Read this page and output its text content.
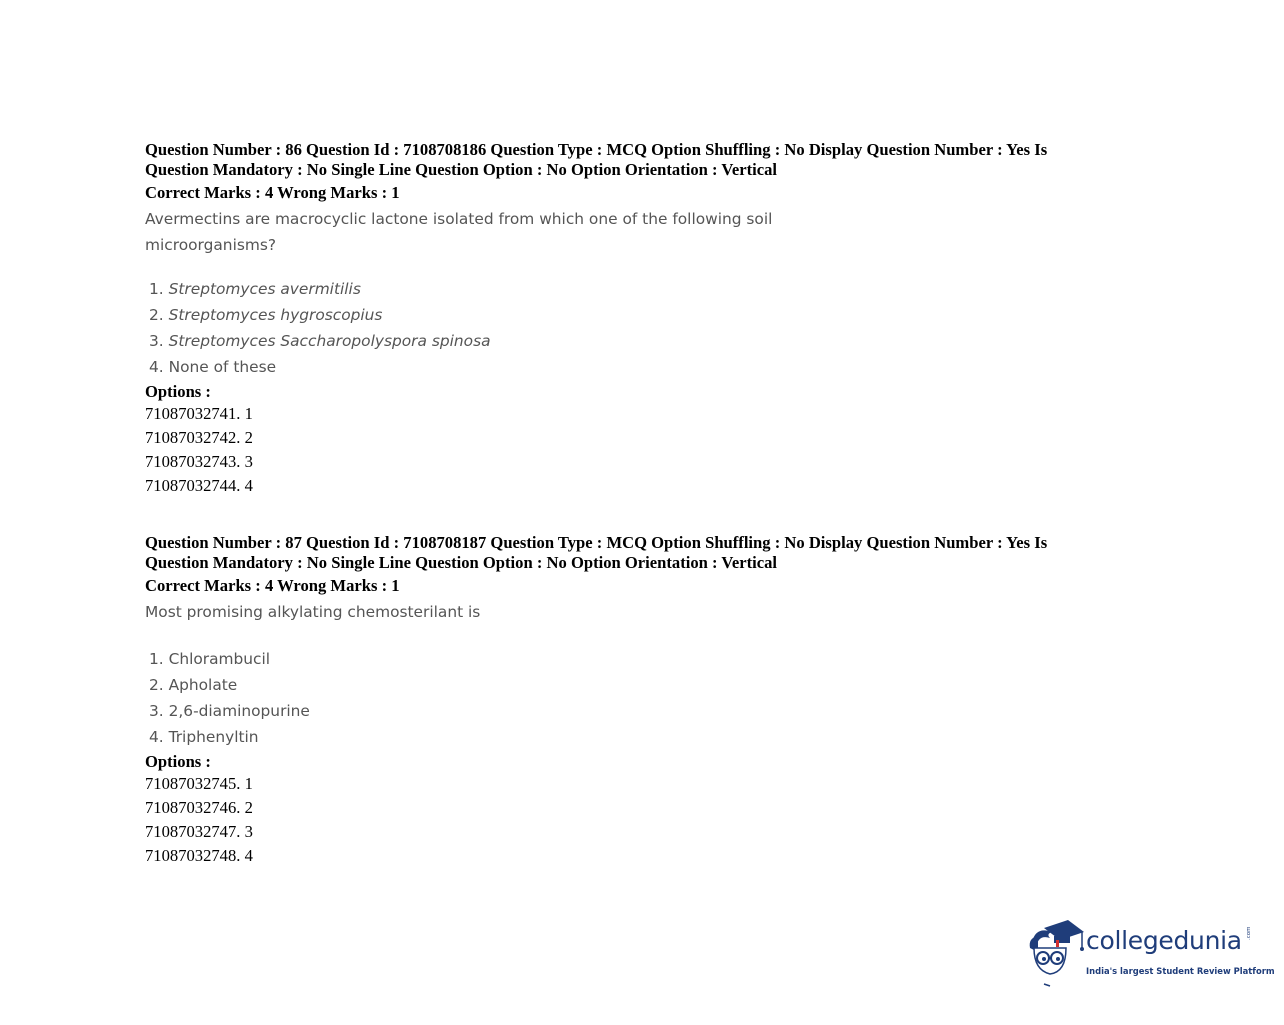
Question Number : 86 Question Id : 7108708186 Question Type : MCQ Option Shuffling : No Display Question Number : Yes Is Question Mandatory : No Single Line Question Option : No Option Orientation : Vertical
Correct Marks : 4 Wrong Marks : 1
Avermectins are macrocyclic lactone isolated from which one of the following soil microorganisms?
1. Streptomyces avermitilis
2. Streptomyces hygroscopius
3. Streptomyces Saccharopolyspora spinosa
4. None of these
Options :
71087032741. 1
71087032742. 2
71087032743. 3
71087032744. 4
Question Number : 87 Question Id : 7108708187 Question Type : MCQ Option Shuffling : No Display Question Number : Yes Is Question Mandatory : No Single Line Question Option : No Option Orientation : Vertical
Correct Marks : 4 Wrong Marks : 1
Most promising alkylating chemosterilant is
1. Chlorambucil
2. Apholate
3. 2,6-diaminopurine
4. Triphenyltin
Options :
71087032745. 1
71087032746. 2
71087032747. 3
71087032748. 4
collegedunia .com
India's largest Student Review Platform
